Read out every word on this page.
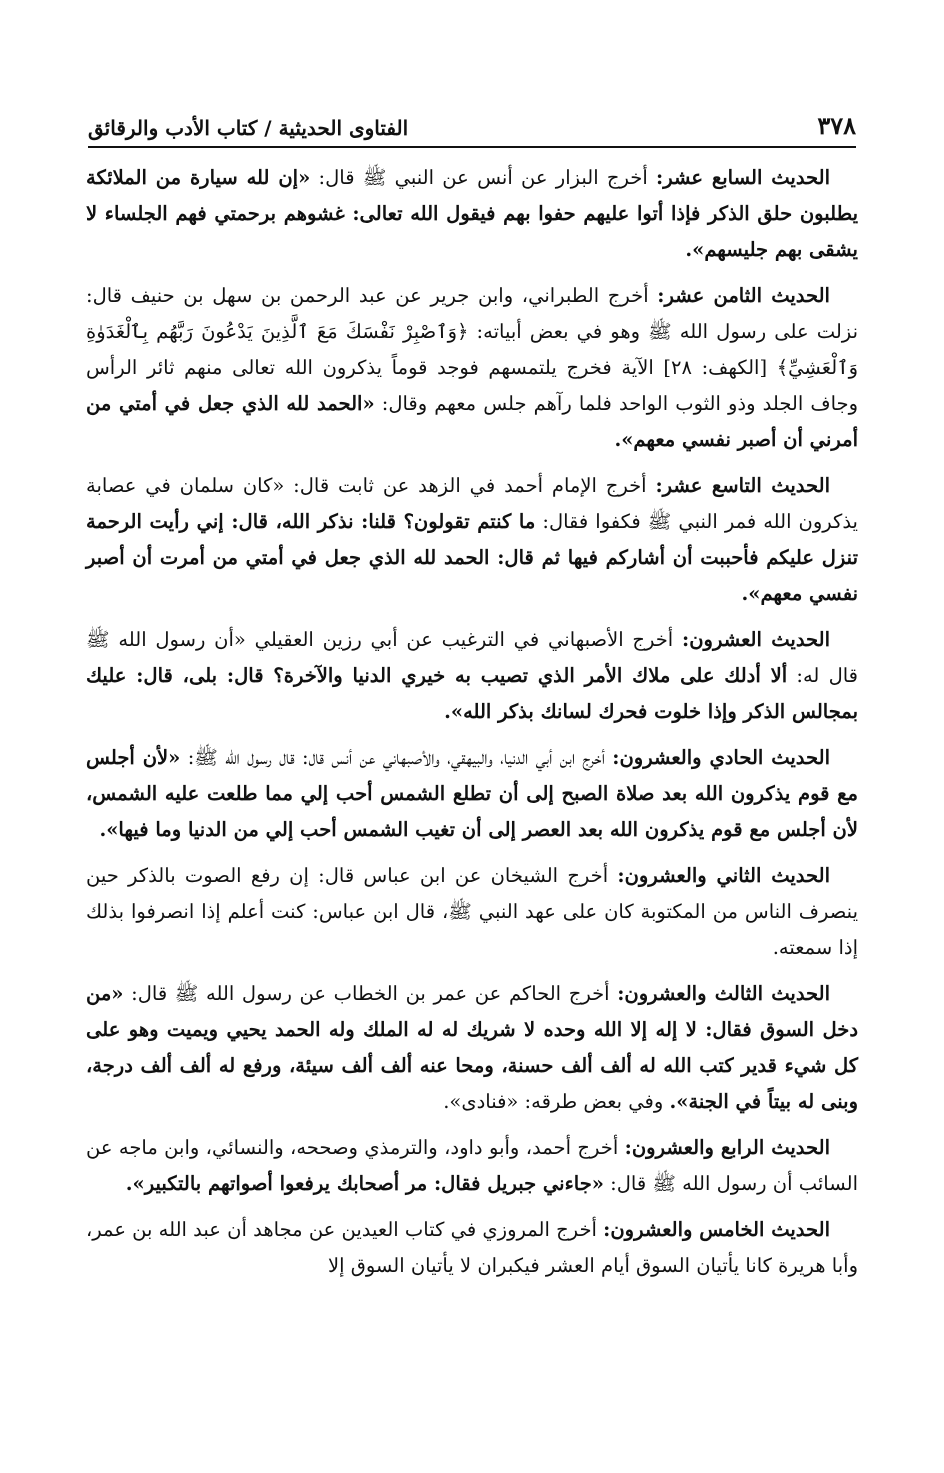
٣٧٨
الفتاوى الحديثية / كتاب الأدب والرقائق

الحديث السابع عشر: أخرج البزار عن أنس عن النبي ﷺ قال: «إن لله سيارة من الملائكة يطلبون حلق الذكر فإذا أتوا عليهم حفوا بهم فيقول الله تعالى: غشوهم برحمتي فهم الجلساء لا يشقى بهم جليسهم».

الحديث الثامن عشر: أخرج الطبراني، وابن جرير عن عبد الرحمن بن سهل بن حنيف قال: نزلت على رسول الله ﷺ وهو في بعض أبياته: ﴿وَٱصْبِرْ نَفْسَكَ مَعَ ٱلَّذِينَ يَدْعُونَ رَبَّهُم بِٱلْغَدَوٰةِ وَٱلْعَشِيِّ﴾ [الكهف: ٢٨] الآية فخرج يلتمسهم فوجد قوماً يذكرون الله تعالى منهم ثائر الرأس وجاف الجلد وذو الثوب الواحد فلما رآهم جلس معهم وقال: «الحمد لله الذي جعل في أمتي من أمرني أن أصبر نفسي معهم».

الحديث التاسع عشر: أخرج الإمام أحمد في الزهد عن ثابت قال: «كان سلمان في عصابة يذكرون الله فمر النبي ﷺ فكفوا فقال: ما كنتم تقولون؟ قلنا: نذكر الله، قال: إني رأيت الرحمة تنزل عليكم فأحببت أن أشاركم فيها ثم قال: الحمد لله الذي جعل في أمتي من أمرت أن أصبر نفسي معهم».

الحديث العشرون: أخرج الأصبهاني في الترغيب عن أبي رزين العقيلي «أن رسول الله ﷺ قال له: ألا أدلك على ملاك الأمر الذي تصيب به خيري الدنيا والآخرة؟ قال: بلى، قال: عليك بمجالس الذكر وإذا خلوت فحرك لسانك بذكر الله».

الحديث الحادي والعشرون: أخرج ابن أبي الدنيا، والبيهقي، والأصبهاني عن أنس قال: قال رسول الله ﷺ: «لأن أجلس مع قوم يذكرون الله بعد صلاة الصبح إلى أن تطلع الشمس أحب إلي مما طلعت عليه الشمس، لأن أجلس مع قوم يذكرون الله بعد العصر إلى أن تغيب الشمس أحب إلي من الدنيا وما فيها».

الحديث الثاني والعشرون: أخرج الشيخان عن ابن عباس قال: إن رفع الصوت بالذكر حين ينصرف الناس من المكتوبة كان على عهد النبي ﷺ، قال ابن عباس: كنت أعلم إذا انصرفوا بذلك إذا سمعته.

الحديث الثالث والعشرون: أخرج الحاكم عن عمر بن الخطاب عن رسول الله ﷺ قال: «من دخل السوق فقال: لا إله إلا الله وحده لا شريك له له الملك وله الحمد يحيي ويميت وهو على كل شيء قدير كتب الله له ألف ألف حسنة، ومحا عنه ألف ألف سيئة، ورفع له ألف ألف درجة، وبنى له بيتاً في الجنة». وفي بعض طرقه: «فنادى».

الحديث الرابع والعشرون: أخرج أحمد، وأبو داود، والترمذي وصححه، والنسائي، وابن ماجه عن السائب أن رسول الله ﷺ قال: «جاءني جبريل فقال: مر أصحابك يرفعوا أصواتهم بالتكبير».

الحديث الخامس والعشرون: أخرج المروزي في كتاب العيدين عن مجاهد أن عبد الله بن عمر، وأبا هريرة كانا يأتيان السوق أيام العشر فيكبران لا يأتيان السوق إلا
